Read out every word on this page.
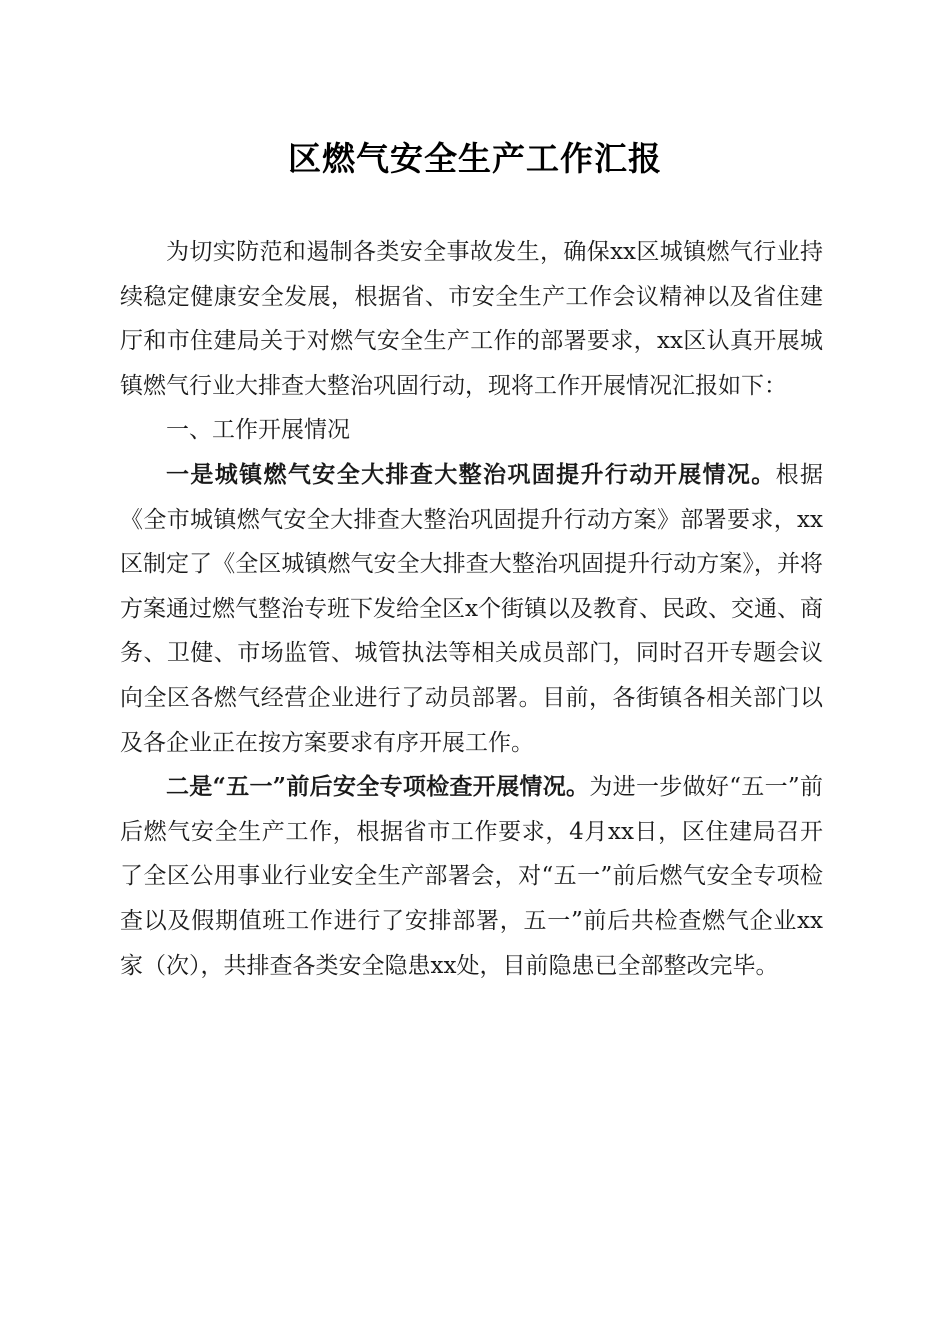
区燃气安全生产工作汇报

为切实防范和遏制各类安全事故发生，确保xx区城镇燃气行业持续稳定健康安全发展，根据省、市安全生产工作会议精神以及省住建厅和市住建局关于对燃气安全生产工作的部署要求，xx区认真开展城镇燃气行业大排查大整治巩固行动，现将工作开展情况汇报如下：

一、工作开展情况

一是城镇燃气安全大排查大整治巩固提升行动开展情况。根据《全市城镇燃气安全大排查大整治巩固提升行动方案》部署要求，xx区制定了《全区城镇燃气安全大排查大整治巩固提升行动方案》，并将方案通过燃气整治专班下发给全区x个街镇以及教育、民政、交通、商务、卫健、市场监管、城管执法等相关成员部门，同时召开专题会议向全区各燃气经营企业进行了动员部署。目前，各街镇各相关部门以及各企业正在按方案要求有序开展工作。

二是“五一”前后安全专项检查开展情况。为进一步做好“五一”前后燃气安全生产工作，根据省市工作要求，4月xx日，区住建局召开了全区公用事业行业安全生产部署会，对“五一”前后燃气安全专项检查以及假期值班工作进行了安排部署，五一”前后共检查燃气企业xx家（次），共排查各类安全隐患xx处，目前隐患已全部整改完毕。
